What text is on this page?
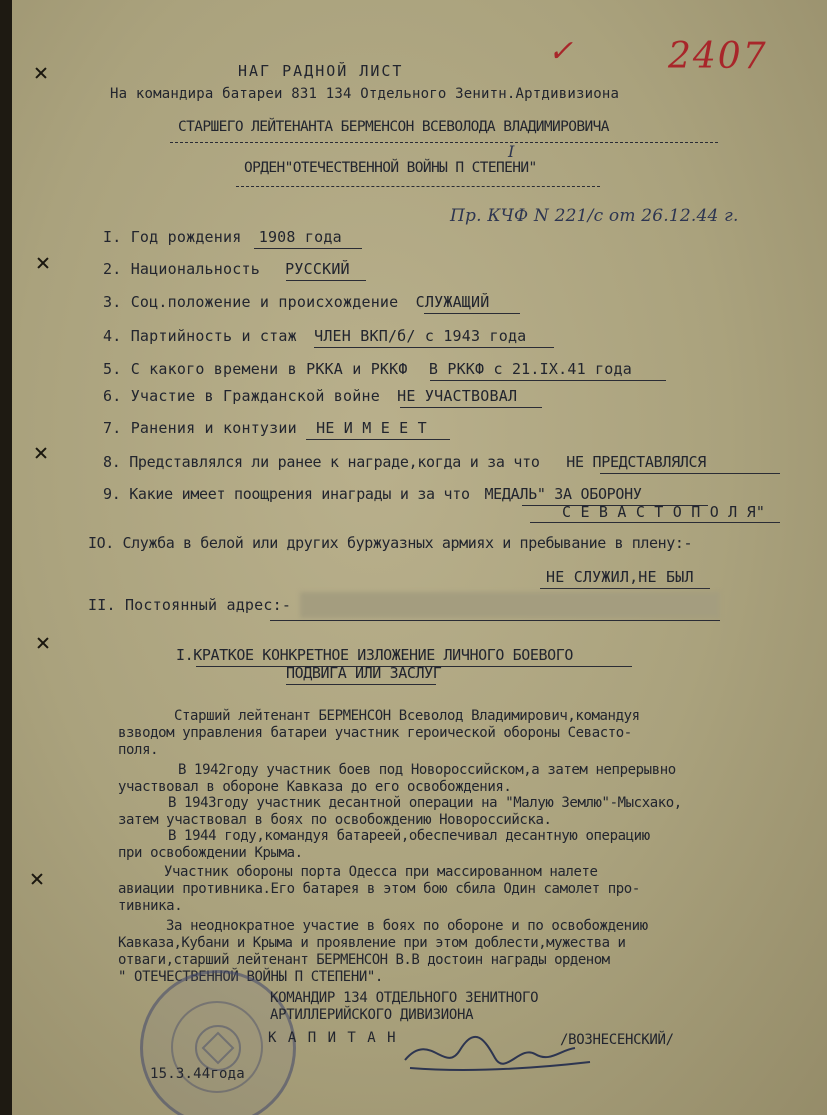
✓	2407
НАГ РАДНОЙ ЛИСТ
На командира батареи 831 134 Отдельного Зенитн.Артдивизиона
СТАРШЕГО ЛЕЙТЕНАНТА БЕРМЕНСОН ВСЕВОЛОДА ВЛАДИМИРОВИЧА
ОРДЕН"ОТЕЧЕСТВЕННОЙ ВОЙНЫ П СТЕПЕНИ"
I
Пр. КЧФ N 221/с от 26.12.44 г.
I. Год рождения 1908 года
2. Национальность РУССКИЙ
3. Соц.положение и происхождение СЛУЖАЩИЙ
4. Партийность и стаж ЧЛЕН ВКП/б/ с 1943 года
5. С какого времени в РККА и РККФ В РККФ с 21.IX.41 года
6. Участие в Гражданской войне НЕ УЧАСТВОВАЛ
7. Ранения и контузии НЕ И М Е Е Т
8. Представлялся ли ранее к награде,когда и за что НЕ ПРЕДСТАВЛЯЛСЯ
9. Какие имеет поощрения инаграды и за что МЕДАЛЬ" ЗА ОБОРОНУ
С Е В А С Т О П О Л Я"
IO. Служба в белой или других буржуазных армиях и пребывание в плену:-
НЕ СЛУЖИЛ,НЕ БЫЛ
II. Постоянный адрес:-
I.КРАТКОЕ КОНКРЕТНОЕ ИЗЛОЖЕНИЕ ЛИЧНОГО БОЕВОГО
ПОДВИГА ИЛИ ЗАСЛУГ
Старший лейтенант БЕРМЕНСОН Всеволод Владимирович,командуя
взводом управления батареи участник героической обороны Севасто-
поля.
В 1942году участник боев под Новороссийском,а затем непрерывно
участвовал в обороне Кавказа до его освобождения.
В 1943году участник десантной операции на "Малую Землю"-Мысхако,
затем участвовал в боях по освобождению Новороссийска.
В 1944 году,командуя батареей,обеспечивал десантную операцию
при освобождении Крыма.
Участник обороны порта Одесса при массированном налете
авиации противника.Его батарея в этом бою сбила Один самолет про-
тивника.
За неоднократное участие в боях по обороне и по освобождению
Кавказа,Кубани и Крыма и проявление при этом доблести,мужества и
отваги,старший лейтенант БЕРМЕНСОН В.В достоин награды орденом
" ОТЕЧЕСТВЕННОЙ ВОЙНЫ П СТЕПЕНИ".
КОМАНДИР 134 ОТДЕЛЬНОГО ЗЕНИТНОГО
АРТИЛЛЕРИЙСКОГО ДИВИЗИОНА
К А П И Т А Н	/ВОЗНЕСЕНСКИЙ/
15.3.44года
